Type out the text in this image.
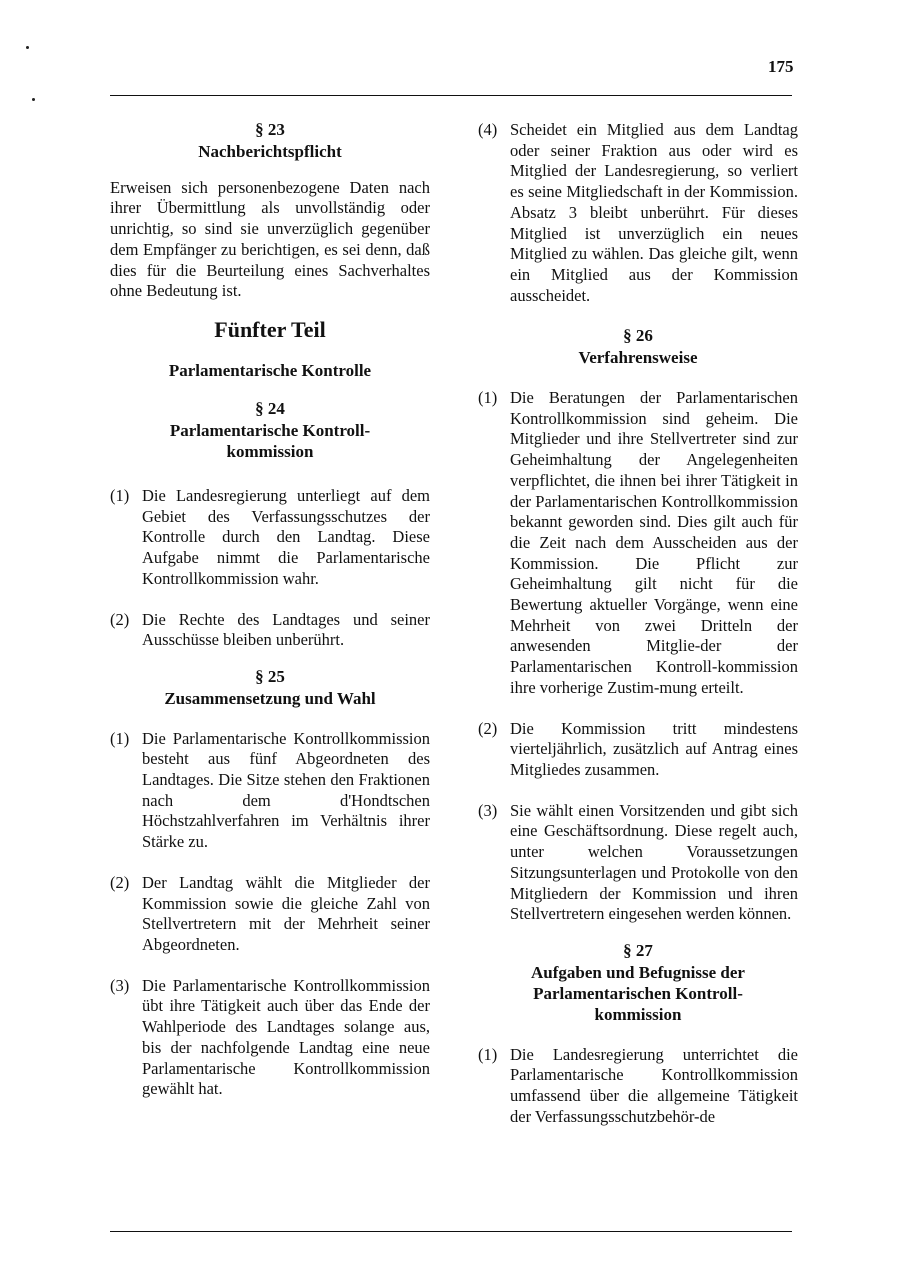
175
§ 23
Nachberichtspflicht
Erweisen sich personenbezogene Daten nach ihrer Übermittlung als unvollständig oder unrichtig, so sind sie unverzüglich gegenüber dem Empfänger zu berichtigen, es sei denn, daß dies für die Beurteilung eines Sachverhaltes ohne Bedeutung ist.
Fünfter Teil
Parlamentarische Kontrolle
§ 24
Parlamentarische Kontroll-kommission
(1) Die Landesregierung unterliegt auf dem Gebiet des Verfassungsschutzes der Kontrolle durch den Landtag. Diese Aufgabe nimmt die Parlamentarische Kontrollkommission wahr.
(2) Die Rechte des Landtages und seiner Ausschüsse bleiben unberührt.
§ 25
Zusammensetzung und Wahl
(1) Die Parlamentarische Kontrollkommission besteht aus fünf Abgeordneten des Landtages. Die Sitze stehen den Fraktionen nach dem d'Hondtschen Höchstzahlverfahren im Verhältnis ihrer Stärke zu.
(2) Der Landtag wählt die Mitglieder der Kommission sowie die gleiche Zahl von Stellvertretern mit der Mehrheit seiner Abgeordneten.
(3) Die Parlamentarische Kontrollkommission übt ihre Tätigkeit auch über das Ende der Wahlperiode des Landtages solange aus, bis der nachfolgende Landtag eine neue Parlamentarische Kontrollkommission gewählt hat.
(4) Scheidet ein Mitglied aus dem Landtag oder seiner Fraktion aus oder wird es Mitglied der Landesregierung, so verliert es seine Mitgliedschaft in der Kommission. Absatz 3 bleibt unberührt. Für dieses Mitglied ist unverzüglich ein neues Mitglied zu wählen. Das gleiche gilt, wenn ein Mitglied aus der Kommission ausscheidet.
§ 26
Verfahrensweise
(1) Die Beratungen der Parlamentarischen Kontrollkommission sind geheim. Die Mitglieder und ihre Stellvertreter sind zur Geheimhaltung der Angelegenheiten verpflichtet, die ihnen bei ihrer Tätigkeit in der Parlamentarischen Kontrollkommission bekannt geworden sind. Dies gilt auch für die Zeit nach dem Ausscheiden aus der Kommission. Die Pflicht zur Geheimhaltung gilt nicht für die Bewertung aktueller Vorgänge, wenn eine Mehrheit von zwei Dritteln der anwesenden Mitglie-der der Parlamentarischen Kontroll-kommission ihre vorherige Zustim-mung erteilt.
(2) Die Kommission tritt mindestens vierteljährlich, zusätzlich auf Antrag eines Mitgliedes zusammen.
(3) Sie wählt einen Vorsitzenden und gibt sich eine Geschäftsordnung. Diese regelt auch, unter welchen Voraussetzungen Sitzungsunterlagen und Protokolle von den Mitgliedern der Kommission und ihren Stellvertretern eingesehen werden können.
§ 27
Aufgaben und Befugnisse der Parlamentarischen Kontroll-kommission
(1) Die Landesregierung unterrichtet die Parlamentarische Kontrollkommission umfassend über die allgemeine Tätigkeit der Verfassungsschutzbehör-de
